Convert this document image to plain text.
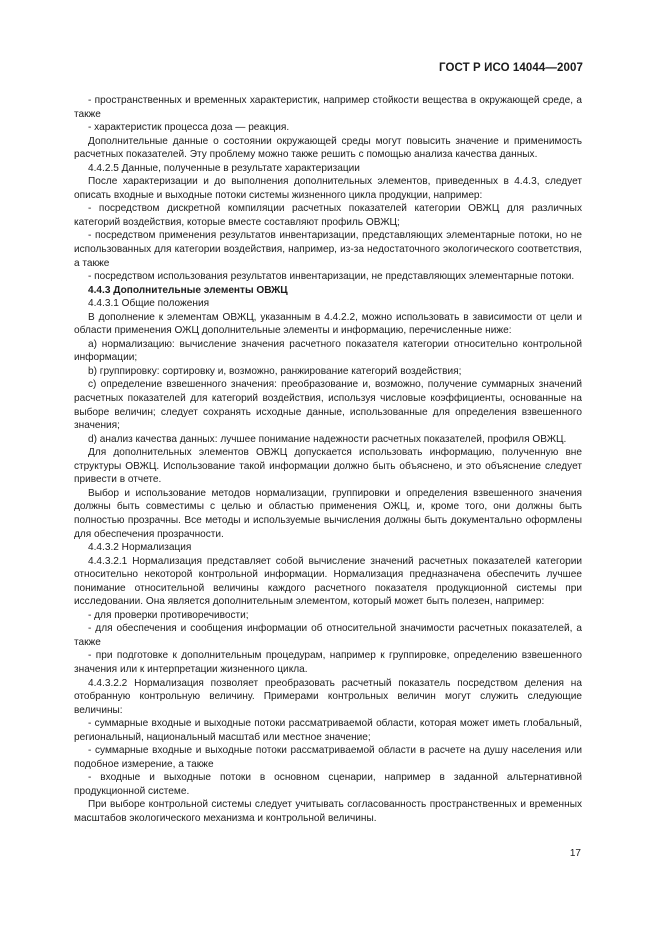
ГОСТ Р ИСО 14044—2007

- пространственных и временных характеристик, например стойкости вещества в окружающей среде, а также

- характеристик процесса доза — реакция.

Дополнительные данные о состоянии окружающей среды могут повысить значение и применимость расчетных показателей. Эту проблему можно также решить с помощью анализа качества данных.

4.4.2.5 Данные, полученные в результате характеризации

После характеризации и до выполнения дополнительных элементов, приведенных в 4.4.3, следует описать входные и выходные потоки системы жизненного цикла продукции, например:

- посредством дискретной компиляции расчетных показателей категории ОВЖЦ для различных категорий воздействия, которые вместе составляют профиль ОВЖЦ;

- посредством применения результатов инвентаризации, представляющих элементарные потоки, но не использованных для категории воздействия, например, из-за недостаточного экологического соответствия, а также

- посредством использования результатов инвентаризации, не представляющих элементарные потоки.

4.4.3 Дополнительные элементы ОВЖЦ

4.4.3.1 Общие положения

В дополнение к элементам ОВЖЦ, указанным в 4.4.2.2, можно использовать в зависимости от цели и области применения ОЖЦ дополнительные элементы и информацию, перечисленные ниже:

a) нормализацию: вычисление значения расчетного показателя категории относительно контрольной информации;

b) группировку: сортировку и, возможно, ранжирование категорий воздействия;

c) определение взвешенного значения: преобразование и, возможно, получение суммарных значений расчетных показателей для категорий воздействия, используя числовые коэффициенты, основанные на выборе величин; следует сохранять исходные данные, использованные для определения взвешенного значения;

d) анализ качества данных: лучшее понимание надежности расчетных показателей, профиля ОВЖЦ.

Для дополнительных элементов ОВЖЦ допускается использовать информацию, полученную вне структуры ОВЖЦ. Использование такой информации должно быть объяснено, и это объяснение следует привести в отчете.

Выбор и использование методов нормализации, группировки и определения взвешенного значения должны быть совместимы с целью и областью применения ОЖЦ, и, кроме того, они должны быть полностью прозрачны. Все методы и используемые вычисления должны быть документально оформлены для обеспечения прозрачности.

4.4.3.2 Нормализация

4.4.3.2.1 Нормализация представляет собой вычисление значений расчетных показателей категории относительно некоторой контрольной информации. Нормализация предназначена обеспечить лучшее понимание относительной величины каждого расчетного показателя продукционной системы при исследовании. Она является дополнительным элементом, который может быть полезен, например:

- для проверки противоречивости;

- для обеспечения и сообщения информации об относительной значимости расчетных показателей, а также

- при подготовке к дополнительным процедурам, например к группировке, определению взвешенного значения или к интерпретации жизненного цикла.

4.4.3.2.2 Нормализация позволяет преобразовать расчетный показатель посредством деления на отобранную контрольную величину. Примерами контрольных величин могут служить следующие величины:

- суммарные входные и выходные потоки рассматриваемой области, которая может иметь глобальный, региональный, национальный масштаб или местное значение;

- суммарные входные и выходные потоки рассматриваемой области в расчете на душу населения или подобное измерение, а также

- входные и выходные потоки в основном сценарии, например в заданной альтернативной продукционной системе.

При выборе контрольной системы следует учитывать согласованность пространственных и временных масштабов экологического механизма и контрольной величины.

17
